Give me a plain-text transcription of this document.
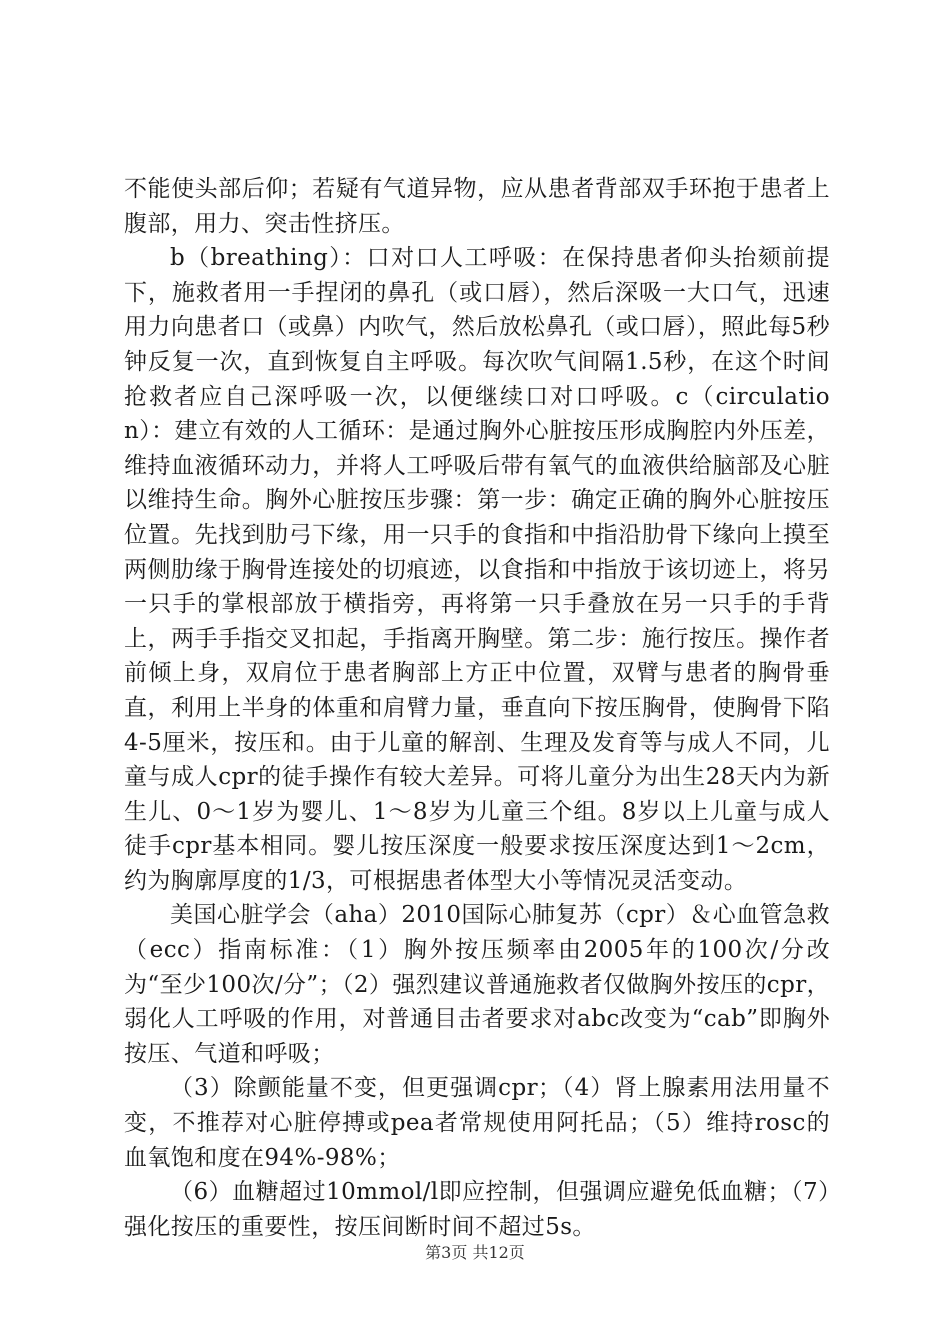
不能使头部后仰；若疑有气道异物，应从患者背部双手环抱于患者上腹部，用力、突击性挤压。

b（breathing）：口对口人工呼吸：在保持患者仰头抬颏前提下，施救者用一手捏闭的鼻孔（或口唇），然后深吸一大口气，迅速用力向患者口（或鼻）内吹气，然后放松鼻孔（或口唇），照此每5秒钟反复一次，直到恢复自主呼吸。每次吹气间隔1.5秒，在这个时间抢救者应自己深呼吸一次，以便继续口对口呼吸。c（circulation）：建立有效的人工循环：是通过胸外心脏按压形成胸腔内外压差，维持血液循环动力，并将人工呼吸后带有氧气的血液供给脑部及心脏以维持生命。胸外心脏按压步骤：第一步：确定正确的胸外心脏按压位置。先找到肋弓下缘，用一只手的食指和中指沿肋骨下缘向上摸至两侧肋缘于胸骨连接处的切痕迹，以食指和中指放于该切迹上，将另一只手的掌根部放于横指旁，再将第一只手叠放在另一只手的手背上，两手手指交叉扣起，手指离开胸壁。第二步：施行按压。操作者前倾上身，双肩位于患者胸部上方正中位置，双臂与患者的胸骨垂直，利用上半身的体重和肩臂力量，垂直向下按压胸骨，使胸骨下陷4-5厘米，按压和。由于儿童的解剖、生理及发育等与成人不同，儿童与成人cpr的徒手操作有较大差异。可将儿童分为出生28天内为新生儿、0～1岁为婴儿、1～8岁为儿童三个组。8岁以上儿童与成人徒手cpr基本相同。婴儿按压深度一般要求按压深度达到1～2cm，约为胸廓厚度的1/3，可根据患者体型大小等情况灵活变动。

美国心脏学会（aha）2010国际心肺复苏（cpr）＆心血管急救（ecc）指南标准：（1）胸外按压频率由2005年的100次/分改为“至少100次/分”；（2）强烈建议普通施救者仅做胸外按压的cpr，弱化人工呼吸的作用，对普通目击者要求对abc改变为“cab”即胸外按压、气道和呼吸；

（3）除颤能量不变，但更强调cpr；（4）肾上腺素用法用量不变，不推荐对心脏停搏或pea者常规使用阿托品；（5）维持rosc的血氧饱和度在94%-98%；

（6）血糖超过10mmol/l即应控制，但强调应避免低血糖；（7）强化按压的重要性，按压间断时间不超过5s。

第3页 共12页
